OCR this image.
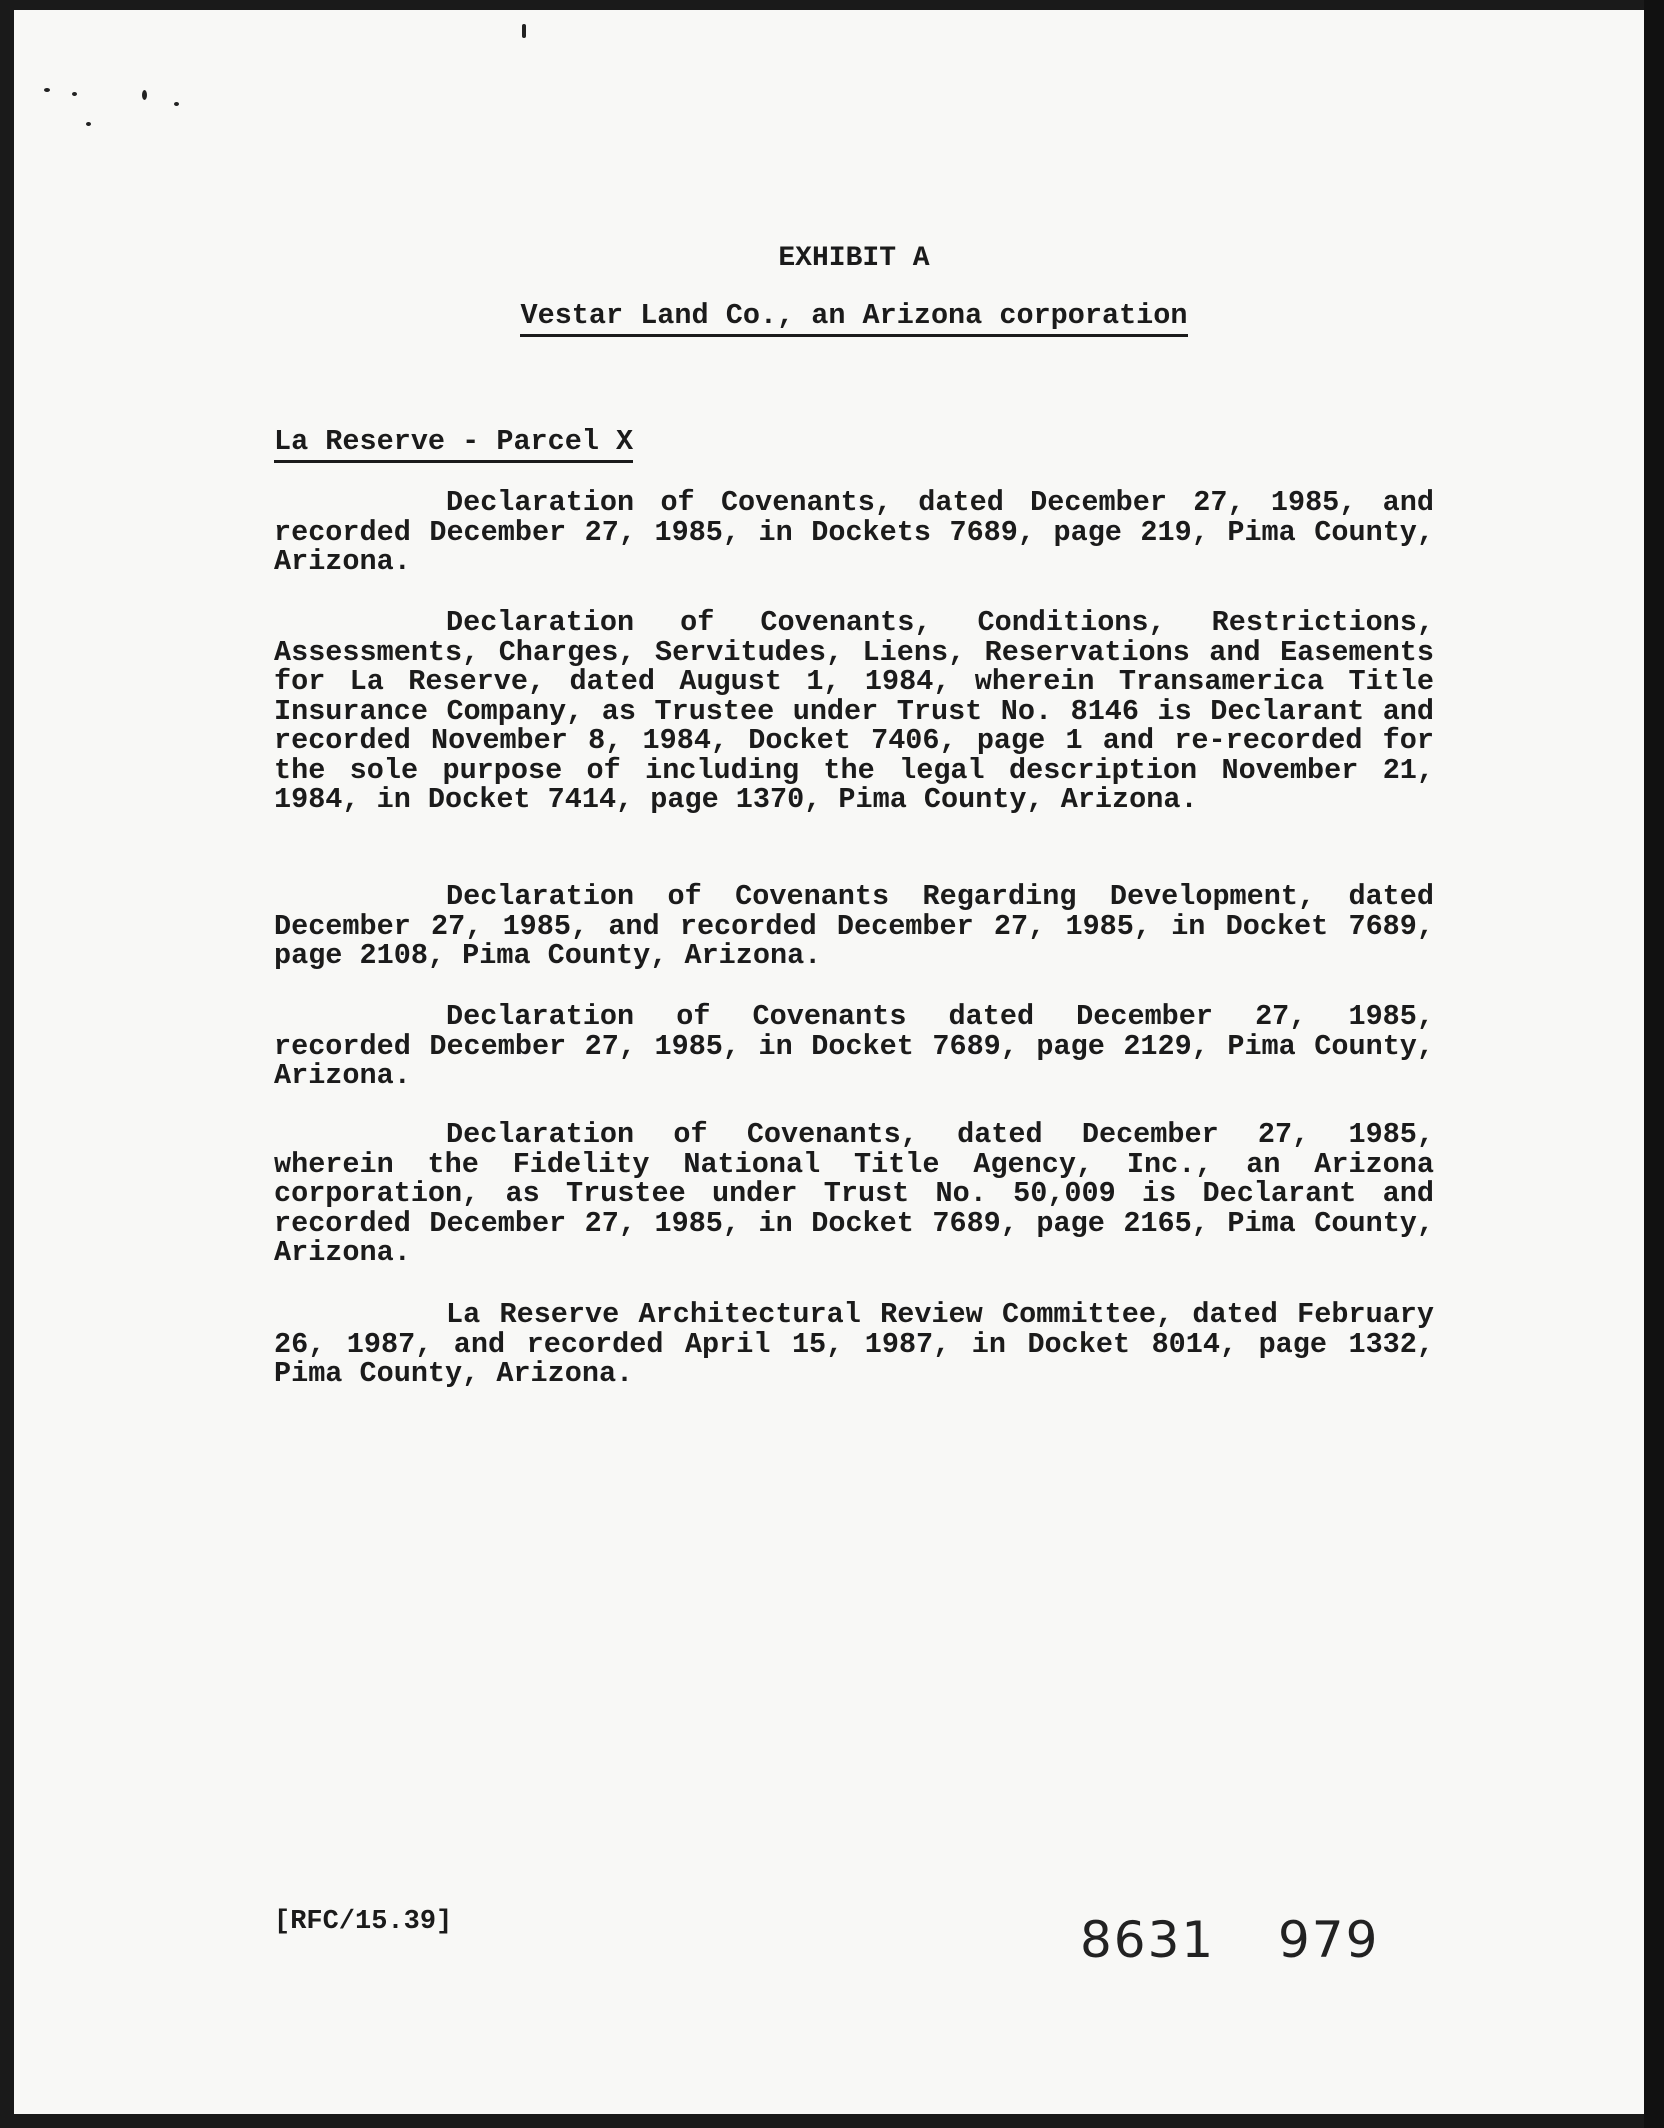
EXHIBIT A
Vestar Land Co., an Arizona corporation
La Reserve - Parcel X

Declaration of Covenants, dated December 27, 1985, and recorded December 27, 1985, in Dockets 7689, page 219, Pima County, Arizona.

Declaration of Covenants, Conditions, Restrictions, Assessments, Charges, Servitudes, Liens, Reservations and Easements for La Reserve, dated August 1, 1984, wherein Transamerica Title Insurance Company, as Trustee under Trust No. 8146 is Declarant and recorded November 8, 1984, Docket 7406, page 1 and re-recorded for the sole purpose of including the legal description November 21, 1984, in Docket 7414, page 1370, Pima County, Arizona.

Declaration of Covenants Regarding Development, dated December 27, 1985, and recorded December 27, 1985, in Docket 7689, page 2108, Pima County, Arizona.

Declaration of Covenants dated December 27, 1985, recorded December 27, 1985, in Docket 7689, page 2129, Pima County, Arizona.

Declaration of Covenants, dated December 27, 1985, wherein the Fidelity National Title Agency, Inc., an Arizona corporation, as Trustee under Trust No. 50,009 is Declarant and recorded December 27, 1985, in Docket 7689, page 2165, Pima County, Arizona.

La Reserve Architectural Review Committee, dated February 26, 1987, and recorded April 15, 1987, in Docket 8014, page 1332, Pima County, Arizona.

[RFC/15.39]	8631 979
